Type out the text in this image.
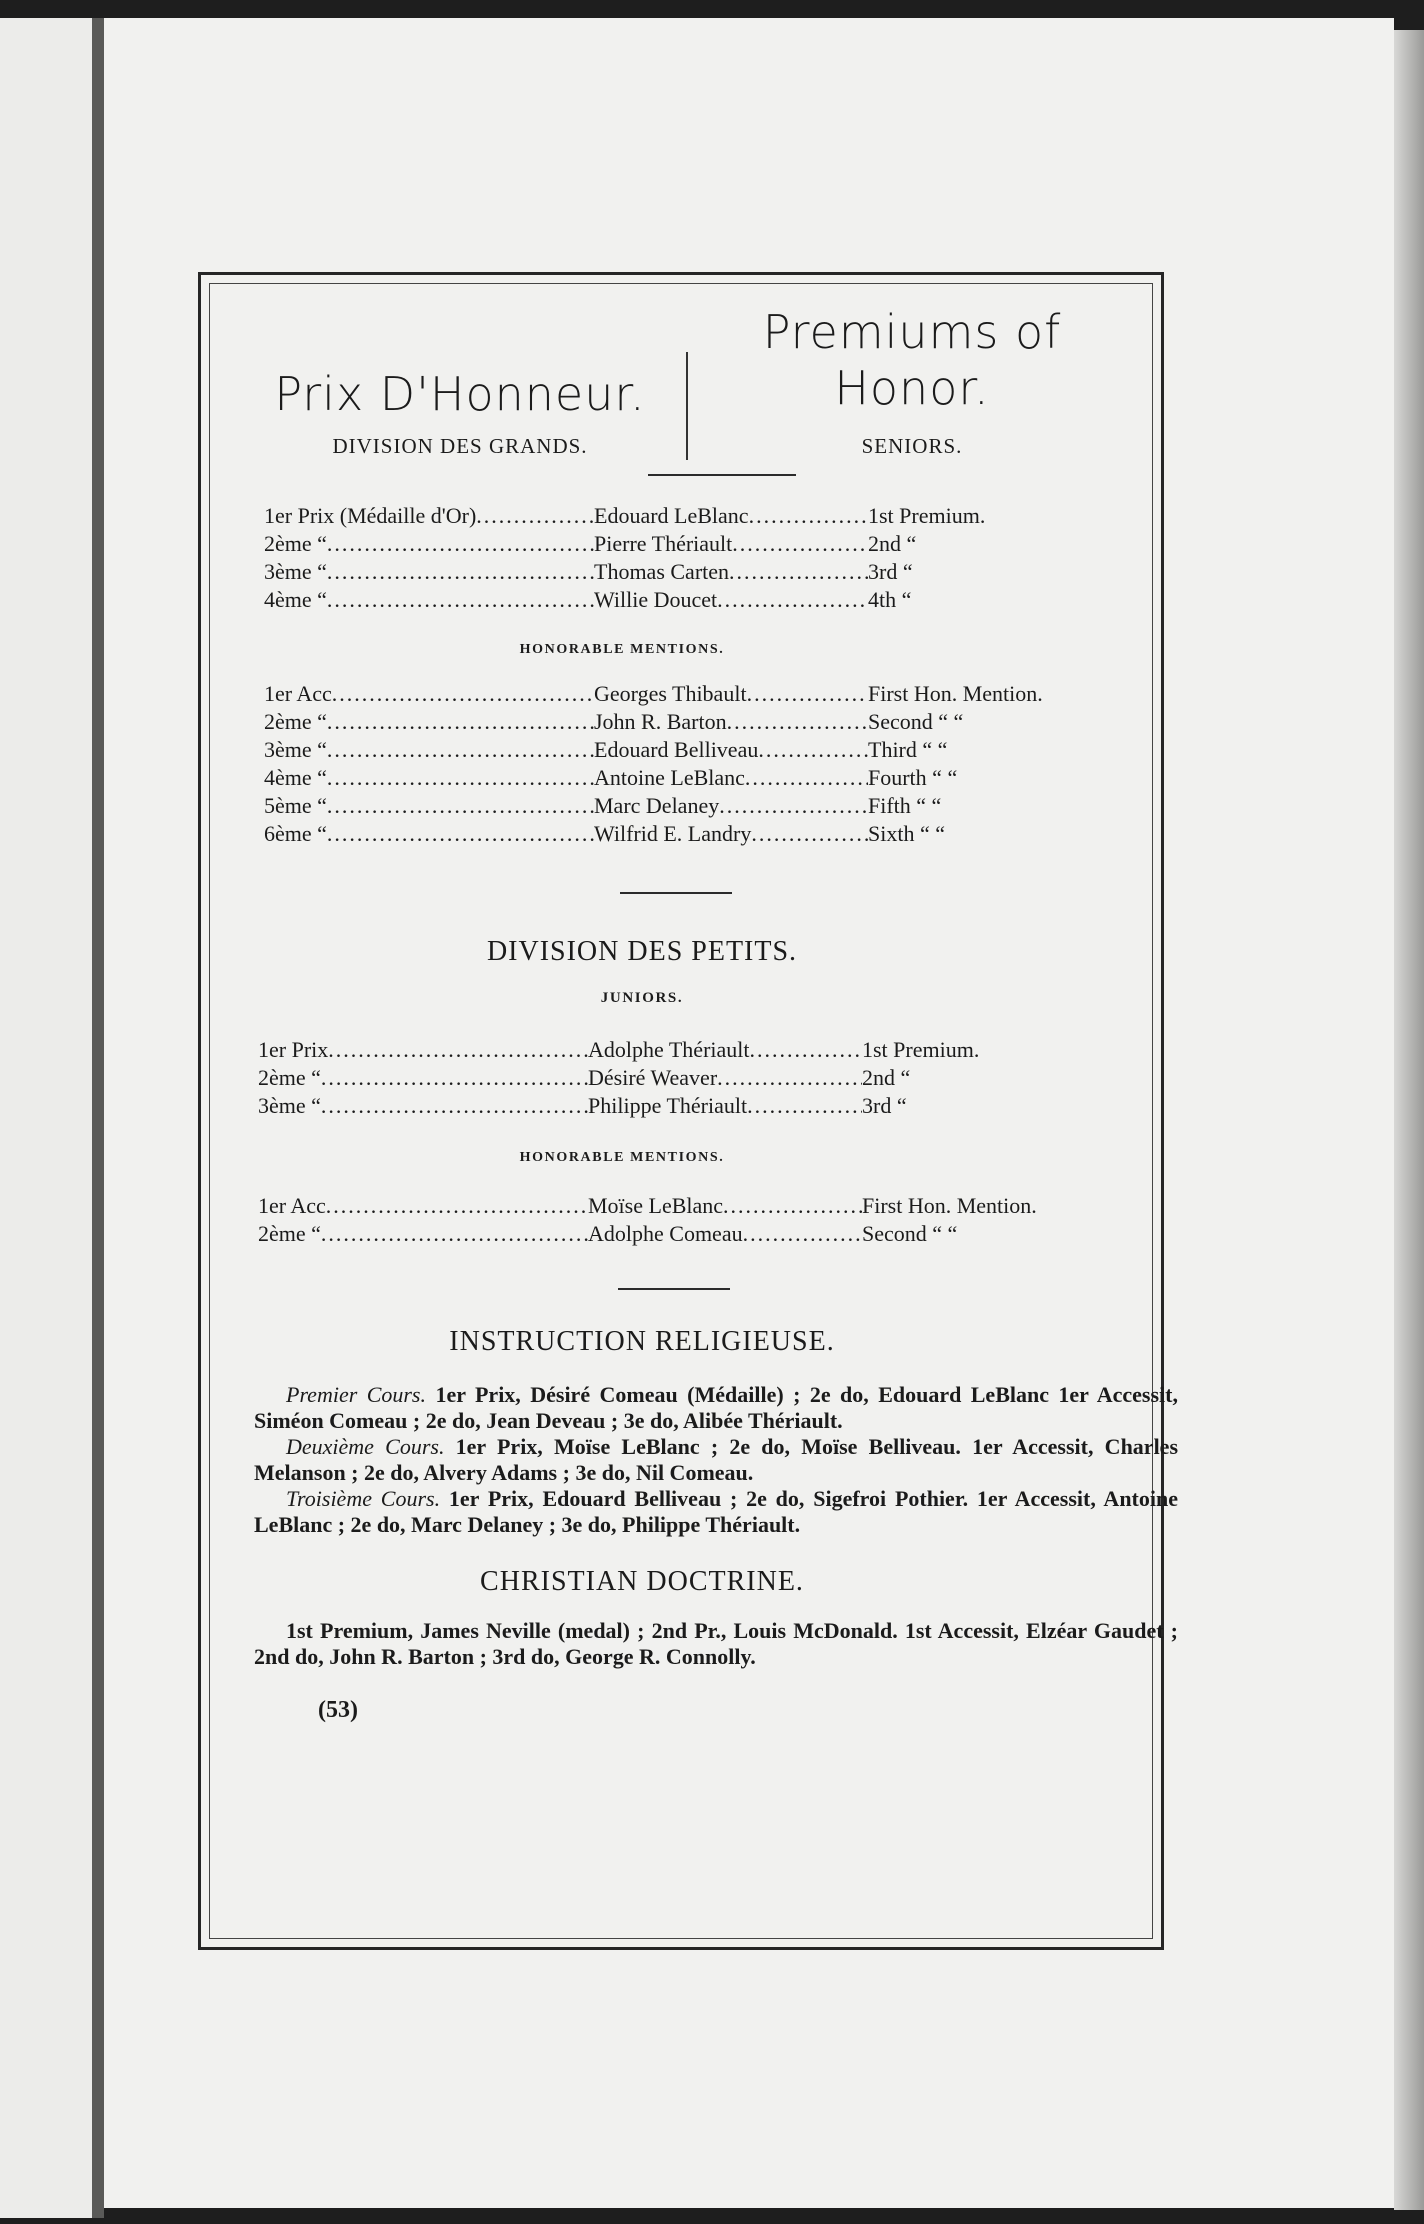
Prix D'Honneur.
DIVISION DES GRANDS.
Premiums of Honor.
SENIORS.
1er Prix (Médaille d'Or) .....	Edouard LeBlanc .....	1st Premium.
2ème “ .....	Pierre Thériault .....	2nd “
3ème “ .....	Thomas Carten .....	3rd “
4ème “ .....	Willie Doucet .....	4th “
HONORABLE MENTIONS.
1er Acc .....	Georges Thibault .....	First Hon. Mention.
2ème “ .....	John R. Barton .....	Second “ “
3ème “ .....	Edouard Belliveau .....	Third “ “
4ème “ .....	Antoine LeBlanc .....	Fourth “ “
5ème “ .....	Marc Delaney .....	Fifth “ “
6ème “ .....	Wilfrid E. Landry .....	Sixth “ “
DIVISION DES PETITS.
JUNIORS.
1er Prix .....	Adolphe Thériault .....	1st Premium.
2ème “ .....	Désiré Weaver .....	2nd “
3ème “ .....	Philippe Thériault .....	3rd “
HONORABLE MENTIONS.
1er Acc .....	Moïse LeBlanc .....	First Hon. Mention.
2ème “ .....	Adolphe Comeau .....	Second “ “
INSTRUCTION RELIGIEUSE.

Premier Cours. 1er Prix, Désiré Comeau (Médaille) ; 2e do, Edouard LeBlanc 1er Accessit, Siméon Comeau ; 2e do, Jean Deveau ; 3e do, Alibée Thériault.

Deuxième Cours. 1er Prix, Moïse LeBlanc ; 2e do, Moïse Belliveau. 1er Accessit, Charles Melanson ; 2e do, Alvery Adams ; 3e do, Nil Comeau.

Troisième Cours. 1er Prix, Edouard Belliveau ; 2e do, Sigefroi Pothier. 1er Accessit, Antoine LeBlanc ; 2e do, Marc Delaney ; 3e do, Philippe Thériault.

CHRISTIAN DOCTRINE.

1st Premium, James Neville (medal) ; 2nd Pr., Louis McDonald. 1st Accessit, Elzéar Gaudet ; 2nd do, John R. Barton ; 3rd do, George R. Connolly.

(53)
